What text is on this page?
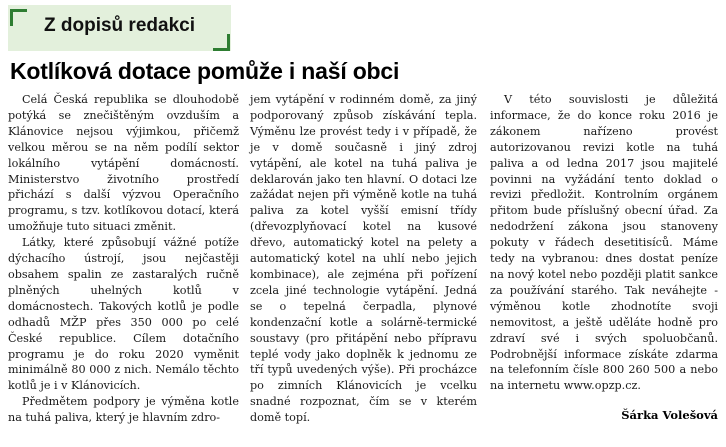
Z dopisů redakci
Kotlíková dotace pomůže i naší obci

Celá Česká republika se dlouhodobě potýká se znečištěným ovzduším a Klánovice nejsou výjimkou, přičemž velkou měrou se na něm podílí sektor lokálního vytápění domácností. Ministerstvo životního prostředí přichází s další výzvou Operačního programu, s tzv. kotlíkovou dotací, která umožňuje tuto situaci změnit.

Látky, které způsobují vážné potíže dýchacího ústrojí, jsou nejčastěji obsahem spalin ze zastaralých ručně plněných uhelných kotlů v domácnostech. Takových kotlů je podle odhadů MŽP přes 350 000 po celé České republice. Cílem dotačního programu je do roku 2020 vyměnit minimálně 80 000 z nich. Nemálo těchto kotlů je i v Klánovicích.

Předmětem podpory je výměna kotle na tuhá paliva, který je hlavním zdro-

jem vytápění v rodinném domě, za jiný podporovaný způsob získávání tepla. Výměnu lze provést tedy i v případě, že je v domě současně i jiný zdroj vytápění, ale kotel na tuhá paliva je deklarován jako ten hlavní. O dotaci lze zažádat nejen při výměně kotle na tuhá paliva za kotel vyšší emisní třídy (dřevozplyňovací kotel na kusové dřevo, automatický kotel na pelety a automatický kotel na uhlí nebo jejich kombinace), ale zejména při pořízení zcela jiné technologie vytápění. Jedná se o tepelná čerpadla, plynové kondenzační kotle a solárně-termické soustavy (pro přitápění nebo přípravu teplé vody jako doplněk k jednomu ze tří typů uvedených výše). Při procházce po zimních Klánovicích je vcelku snadné rozpoznat, čím se v kterém domě topí.

V této souvislosti je důležitá informace, že do konce roku 2016 je zákonem nařízeno provést autorizovanou revizi kotle na tuhá paliva a od ledna 2017 jsou majitelé povinni na vyžádání tento doklad o revizi předložit. Kontrolním orgánem přitom bude příslušný obecní úřad. Za nedodržení zákona jsou stanoveny pokuty v řádech desetitisíců. Máme tedy na vybranou: dnes dostat peníze na nový kotel nebo později platit sankce za používání starého. Tak neváhejte - výměnou kotle zhodnotíte svoji nemovitost, a ještě uděláte hodně pro zdraví své i svých spoluobčanů. Podrobnější informace získáte zdarma na telefonním čísle 800 260 500 a nebo na internetu www.opzp.cz.

Šárka Volešová
